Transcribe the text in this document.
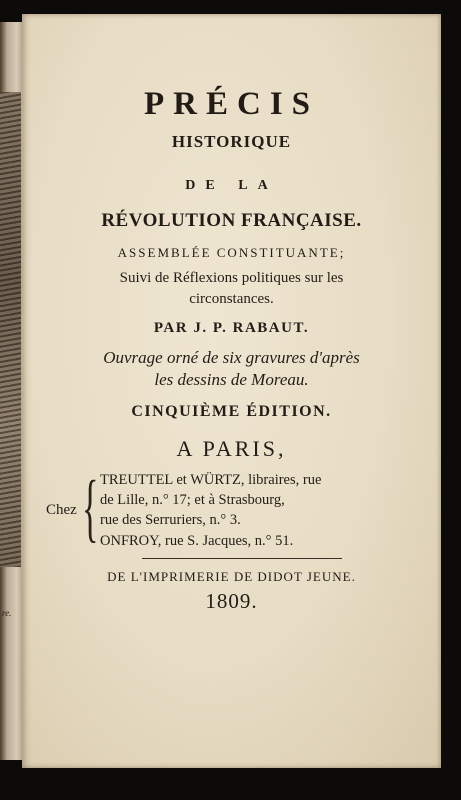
re.
PRÉCIS
HISTORIQUE
DE LA
RÉVOLUTION FRANÇAISE.
ASSEMBLÉE CONSTITUANTE;
Suivi de Réflexions politiques sur les
circonstances.
PAR J. P. RABAUT.
Ouvrage orné de six gravures d'après
les dessins de Moreau.
CINQUIÈME ÉDITION.
A PARIS,
Chez { TREUTTEL et WÜRTZ, libraires, rue
de Lille, n.° 17; et à Strasbourg,
rue des Serruriers, n.° 3.
ONFROY, rue S. Jacques, n.° 51.
DE L'IMPRIMERIE DE DIDOT JEUNE.
1809.
